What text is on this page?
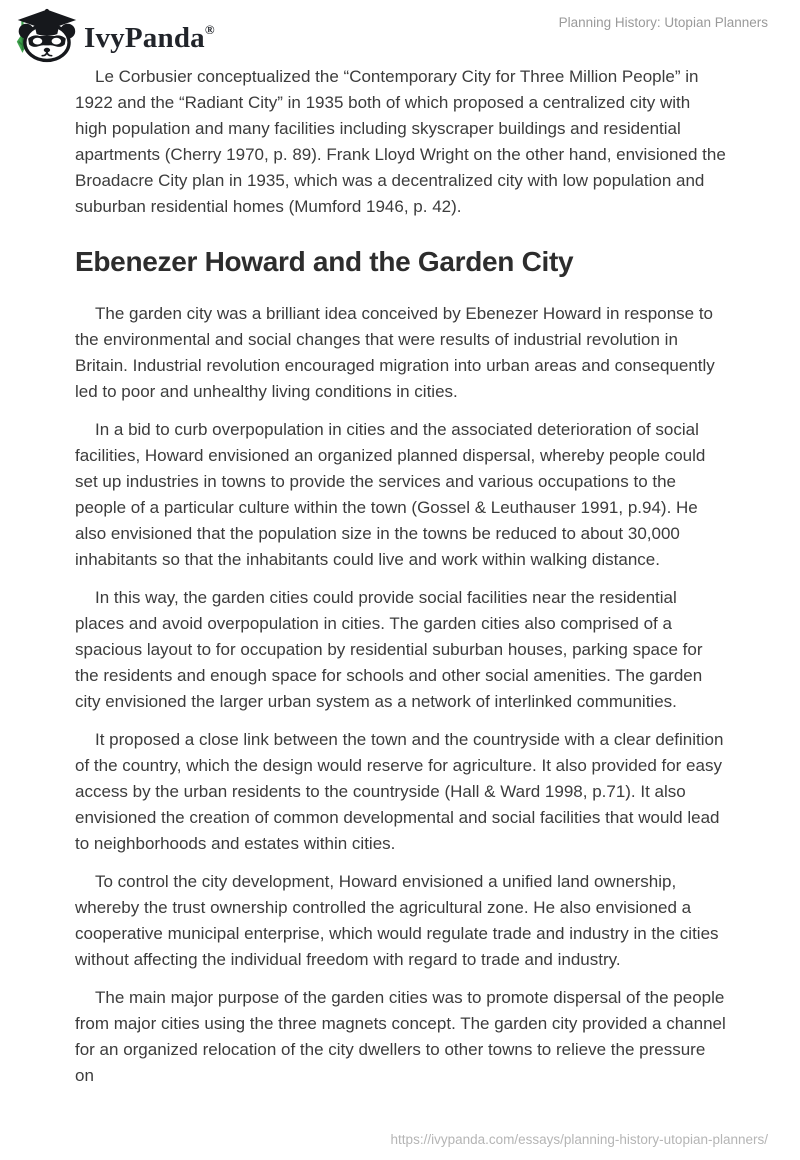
IvyPanda®	Planning History: Utopian Planners

Le Corbusier conceptualized the “Contemporary City for Three Million People” in 1922 and the “Radiant City” in 1935 both of which proposed a centralized city with high population and many facilities including skyscraper buildings and residential apartments (Cherry 1970, p. 89). Frank Lloyd Wright on the other hand, envisioned the Broadacre City plan in 1935, which was a decentralized city with low population and suburban residential homes (Mumford 1946, p. 42).

Ebenezer Howard and the Garden City

The garden city was a brilliant idea conceived by Ebenezer Howard in response to the environmental and social changes that were results of industrial revolution in Britain. Industrial revolution encouraged migration into urban areas and consequently led to poor and unhealthy living conditions in cities.

In a bid to curb overpopulation in cities and the associated deterioration of social facilities, Howard envisioned an organized planned dispersal, whereby people could set up industries in towns to provide the services and various occupations to the people of a particular culture within the town (Gossel & Leuthauser 1991, p.94). He also envisioned that the population size in the towns be reduced to about 30,000 inhabitants so that the inhabitants could live and work within walking distance.

In this way, the garden cities could provide social facilities near the residential places and avoid overpopulation in cities. The garden cities also comprised of a spacious layout to for occupation by residential suburban houses, parking space for the residents and enough space for schools and other social amenities. The garden city envisioned the larger urban system as a network of interlinked communities.

It proposed a close link between the town and the countryside with a clear definition of the country, which the design would reserve for agriculture. It also provided for easy access by the urban residents to the countryside (Hall & Ward 1998, p.71). It also envisioned the creation of common developmental and social facilities that would lead to neighborhoods and estates within cities.

To control the city development, Howard envisioned a unified land ownership, whereby the trust ownership controlled the agricultural zone. He also envisioned a cooperative municipal enterprise, which would regulate trade and industry in the cities without affecting the individual freedom with regard to trade and industry.

The main major purpose of the garden cities was to promote dispersal of the people from major cities using the three magnets concept. The garden city provided a channel for an organized relocation of the city dwellers to other towns to relieve the pressure on

https://ivypanda.com/essays/planning-history-utopian-planners/
